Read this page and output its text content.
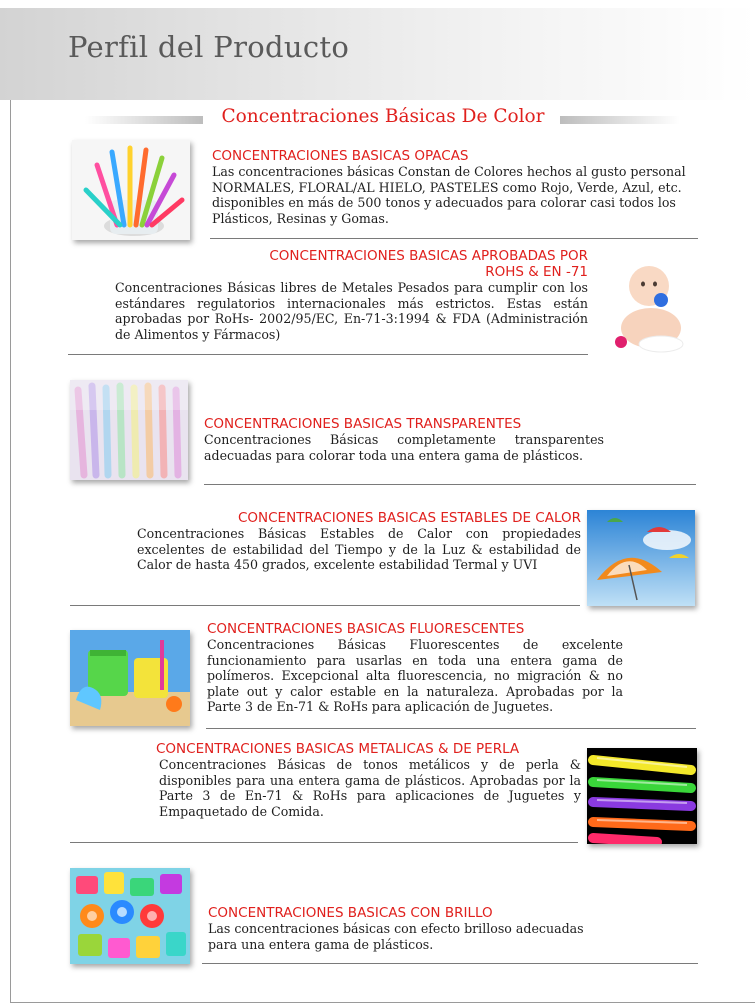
Perfil del Producto
Concentraciones Básicas De Color
CONCENTRACIONES BASICAS OPACAS

Las concentraciones básicas Constan de Colores hechos al gusto personal NORMALES, FLORAL/AL HIELO, PASTELES como Rojo, Verde, Azul, etc. disponibles en más de 500 tonos y adecuados para colorar casi todos los Plásticos, Resinas y Gomas.

CONCENTRACIONES BASICAS APROBADAS POR
ROHS & EN -71

Concentraciones Básicas libres de Metales Pesados para cumplir con los estándares regulatorios internacionales más estrictos. Estas están aprobadas por RoHs- 2002/95/EC, En-71-3:1994 & FDA (Administración de Alimentos y Fármacos)

CONCENTRACIONES BASICAS TRANSPARENTES

Concentraciones Básicas completamente transparentes adecuadas para colorar toda una entera gama de plásticos.

CONCENTRACIONES BASICAS ESTABLES DE CALOR

Concentraciones Básicas Estables de Calor con propiedades excelentes de estabilidad del Tiempo y de la Luz & estabilidad de Calor de hasta 450 grados, excelente estabilidad Termal y UVI

CONCENTRACIONES BASICAS FLUORESCENTES

Concentraciones Básicas Fluorescentes de excelente funcionamiento para usarlas en toda una entera gama de polímeros. Excepcional alta fluorescencia, no migración & no plate out y calor estable en la naturaleza. Aprobadas por la Parte 3 de En-71 & RoHs para aplicación de Juguetes.

CONCENTRACIONES BASICAS METALICAS & DE PERLA

Concentraciones Básicas de tonos metálicos y de perla & disponibles para una entera gama de plásticos. Aprobadas por la Parte 3 de En-71 & RoHs para aplicaciones de Juguetes y Empaquetado de Comida.

CONCENTRACIONES BASICAS CON BRILLO

Las concentraciones básicas con efecto brilloso adecuadas para una entera gama de plásticos.
